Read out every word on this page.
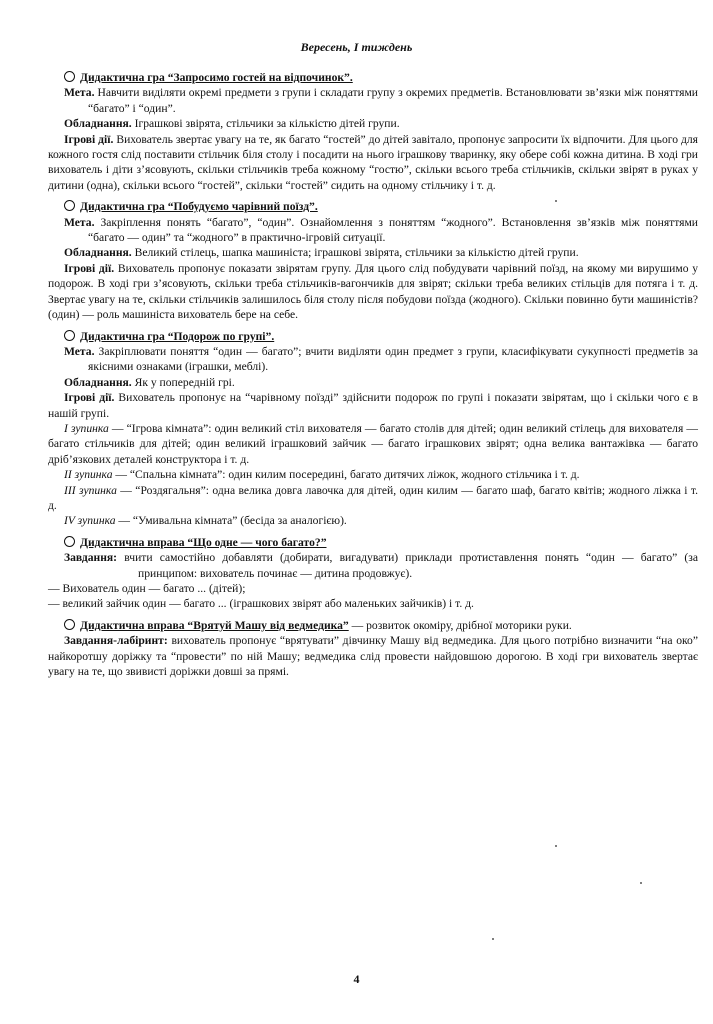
Вересень, I тиждень
Дидактична гра “Запросимо гостей на відпочинок”.
Мета. Навчити виділяти окремі предмети з групи і складати групу з окремих предметів. Встановлювати зв’язки між поняттями “багато” і “один”.
Обладнання. Іграшкові звірята, стільчики за кількістю дітей групи.
Ігрові дії. Вихователь звертає увагу на те, як багато “гостей” до дітей завітало, пропонує запросити їх відпочити. Для цього для кожного гостя слід поставити стільчик біля столу і посадити на нього іграшкову тваринку, яку обере собі кожна дитина. В ході гри вихователь і діти з’ясовують, скільки стільчиків треба кожному “гостю”, скільки всього треба стільчиків, скільки звірят в руках у дитини (одна), скільки всього “гостей”, скільки “гостей” сидить на одному стільчику і т. д.
Дидактична гра “Побудуємо чарівний поїзд”.
Мета. Закріплення понять “багато”, “один”. Ознайомлення з поняттям “жодного”. Встановлення зв’язків між поняттями “багато — один” та “жодного” в практично-ігровій ситуації.
Обладнання. Великий стілець, шапка машиніста; іграшкові звірята, стільчики за кількістю дітей групи.
Ігрові дії. Вихователь пропонує показати звірятам групу. Для цього слід побудувати чарівний поїзд, на якому ми вирушимо у подорож. В ході гри з’ясовують, скільки треба стільчиків-вагончиків для звірят; скільки треба великих стільців для потяга і т. д. Звертає увагу на те, скільки стільчиків залишилось біля столу після побудови поїзда (жодного). Скільки повинно бути машиністів? (один) — роль машиніста вихователь бере на себе.
Дидактична гра “Подорож по групі”.
Мета. Закріплювати поняття “один — багато”; вчити виділяти один предмет з групи, класифікувати сукупності предметів за якісними ознаками (іграшки, меблі).
Обладнання. Як у попередній грі.
Ігрові дії. Вихователь пропонує на “чарівному поїзді” здійснити подорож по групі і показати звірятам, що і скільки чого є в нашій групі.
I зупинка — “Ігрова кімната”: один великий стіл вихователя — багато столів для дітей; один великий стілець для вихователя — багато стільчиків для дітей; один великий іграшковий зайчик — багато іграшкових звірят; одна велика вантажівка — багато дріб’язкових деталей конструктора і т. д.
II зупинка — “Спальна кімната”: один килим посередині, багато дитячих ліжок, жодного стільчика і т. д.
III зупинка — “Роздягальня”: одна велика довга лавочка для дітей, один килим — багато шаф, багато квітів; жодного ліжка і т. д.
IV зупинка — “Умивальна кімната” (бесіда за аналогією).
Дидактична вправа “Що одне — чого багато?”
Завдання: вчити самостійно добавляти (добирати, вигадувати) приклади протиставлення понять “один — багато” (за принципом: вихователь починає — дитина продовжує).
— Вихователь один — багато ... (дітей);
— великий зайчик один — багато ... (іграшкових звірят або маленьких зайчиків) і т. д.
Дидактична вправа “Врятуй Машу від ведмедика” — розвиток окоміру, дрібної моторики руки.
Завдання-лабіринт: вихователь пропонує “врятувати” дівчинку Машу від ведмедика. Для цього потрібно визначити “на око” найкоротшу доріжку та “провести” по ній Машу; ведмедика слід провести найдовшою дорогою. В ході гри вихователь звертає увагу на те, що звивисті доріжки довші за прямі.
4
